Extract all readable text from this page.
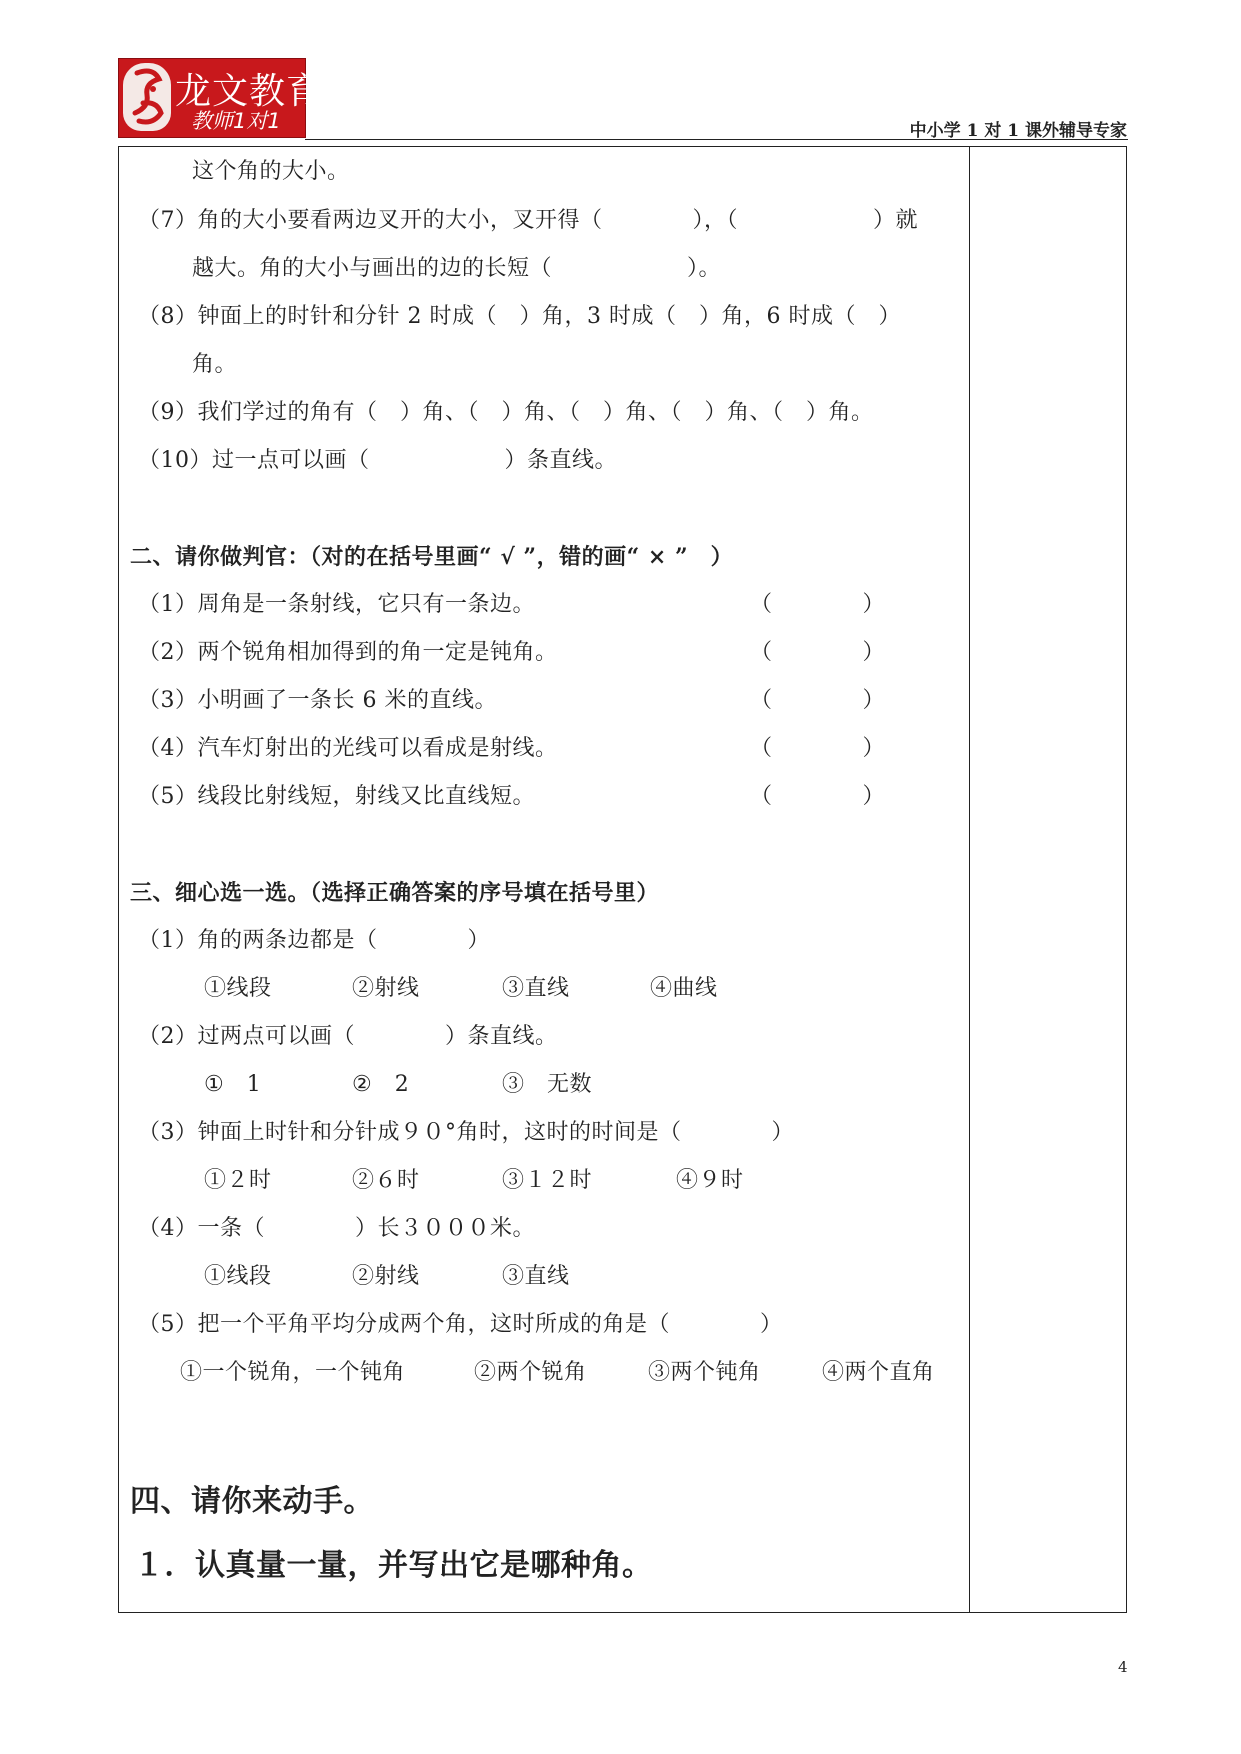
龙文教育
教师1对1	中小学 1 对 1 课外辅导专家
这个角的大小。
（7）角的大小要看两边叉开的大小，叉开得（　　　　），（　　　　　　）就
越大。角的大小与画出的边的长短（　　　　　　）。
（8）钟面上的时针和分针 2 时成（　）角，3 时成（　）角，6 时成（　）
角。
（9）我们学过的角有（　）角、（　）角、（　）角、（　）角、（　）角。
（10）过一点可以画（　　　　　　）条直线。
二、请你做判官：（对的在括号里画“ √ ”，错的画“ × ”　）
（1）周角是一条射线，它只有一条边。	（　　　　）
（2）两个锐角相加得到的角一定是钝角。	（　　　　）
（3）小明画了一条长 6 米的直线。	（　　　　）
（4）汽车灯射出的光线可以看成是射线。	（　　　　）
（5）线段比射线短，射线又比直线短。	（　　　　）
三、细心选一选。（选择正确答案的序号填在括号里）
（1）角的两条边都是（　　　　）
①线段	②射线	③直线	④曲线
（2）过两点可以画（　　　　）条直线。
①　1	②　2	③　无数
（3）钟面上时针和分针成９０°角时，这时的时间是（　　　　）
①２时	②６时	③１２时	④９时
（4）一条（　　　　）长３０００米。
①线段	②射线	③直线
（5）把一个平角平均分成两个角，这时所成的角是（　　　　）
①一个锐角，一个钝角	②两个锐角	③两个钝角	④两个直角
四、请你来动手。
１．认真量一量，并写出它是哪种角。
4
